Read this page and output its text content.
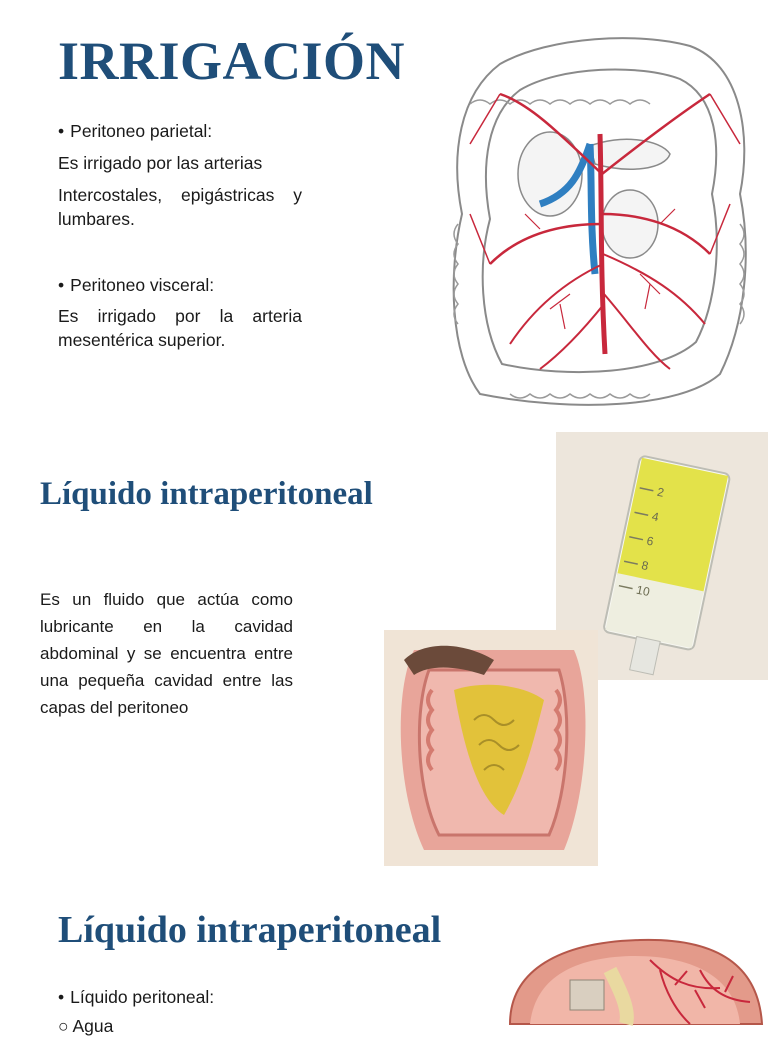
IRRIGACIÓN

• Peritoneo parietal:

Es irrigado por las arterias

Intercostales, epigástricas y lumbares.

• Peritoneo visceral:

Es irrigado por la arteria mesentérica superior.

Líquido intraperitoneal

Es un fluido que actúa como lubricante en la cavidad abdominal y se encuentra entre una pequeña cavidad entre las capas del peritoneo

2
4
6
8
10
Líquido intraperitoneal

• Líquido peritoneal:

○ Agua
